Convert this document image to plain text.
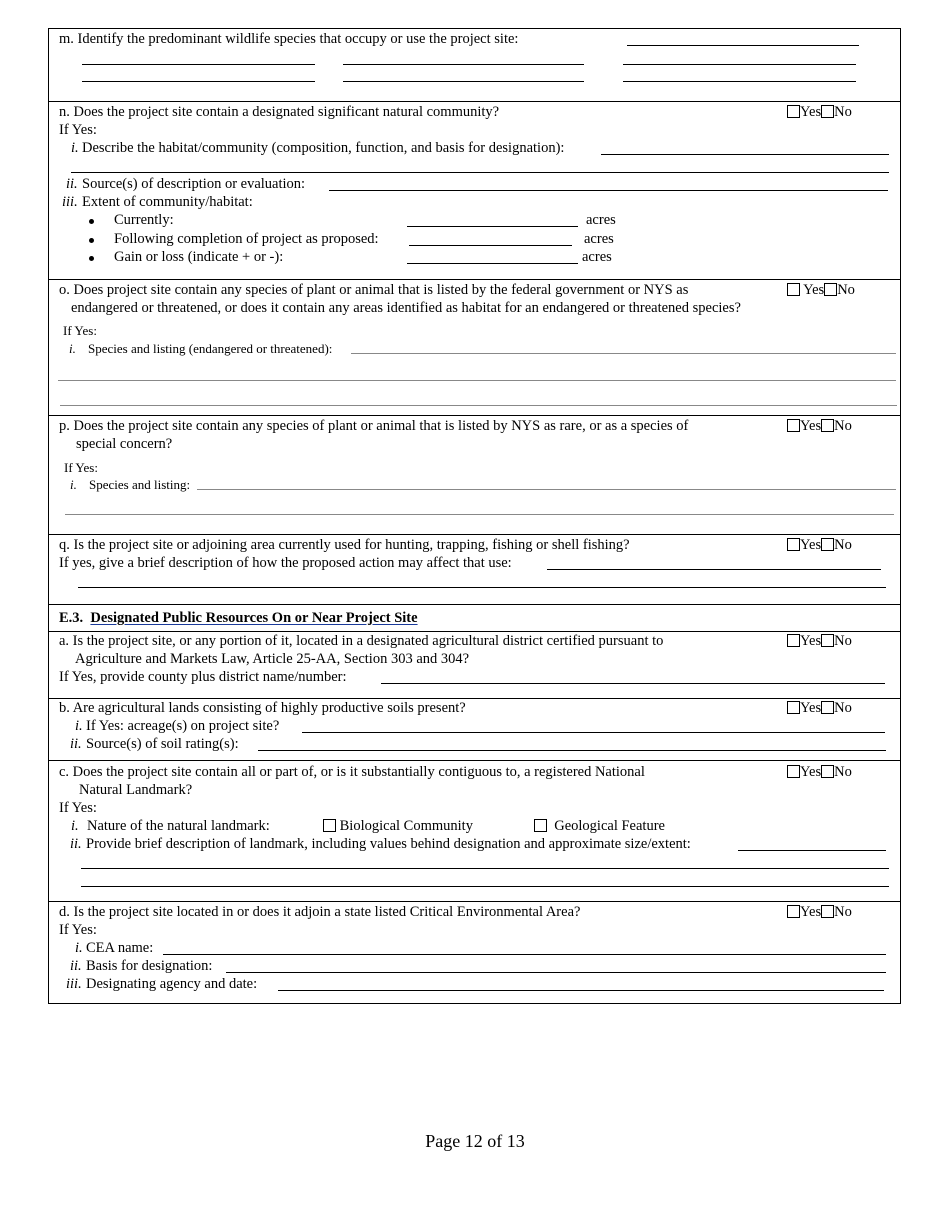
m. Identify the predominant wildlife species that occupy or use the project site:
n. Does the project site contain a designated significant natural community?	Yes No
If Yes:
i. Describe the habitat/community (composition, function, and basis for designation):
ii. Source(s) of description or evaluation:
iii. Extent of community/habitat:
Currently:	acres
Following completion of project as proposed:	acres
Gain or loss (indicate + or -):	acres
o. Does project site contain any species of plant or animal that is listed by the federal government or NYS as
endangered or threatened, or does it contain any areas identified as habitat for an endangered or threatened species?
Yes No
If Yes:
i. Species and listing (endangered or threatened):
p. Does the project site contain any species of plant or animal that is listed by NYS as rare, or as a species of
special concern?
Yes No
If Yes:
i. Species and listing:
q. Is the project site or adjoining area currently used for hunting, trapping, fishing or shell fishing?	Yes No
If yes, give a brief description of how the proposed action may affect that use:
E.3. Designated Public Resources On or Near Project Site
a. Is the project site, or any portion of it, located in a designated agricultural district certified pursuant to
Agriculture and Markets Law, Article 25-AA, Section 303 and 304?
Yes No
If Yes, provide county plus district name/number:
b. Are agricultural lands consisting of highly productive soils present?	Yes No
i. If Yes: acreage(s) on project site?
ii. Source(s) of soil rating(s):
c. Does the project site contain all or part of, or is it substantially contiguous to, a registered National
Natural Landmark?
Yes No
If Yes:
i. Nature of the natural landmark:	Biological Community	Geological Feature
ii. Provide brief description of landmark, including values behind designation and approximate size/extent:
d. Is the project site located in or does it adjoin a state listed Critical Environmental Area?	Yes No
If Yes:
i. CEA name:
ii. Basis for designation:
iii. Designating agency and date:
Page 12 of 13
